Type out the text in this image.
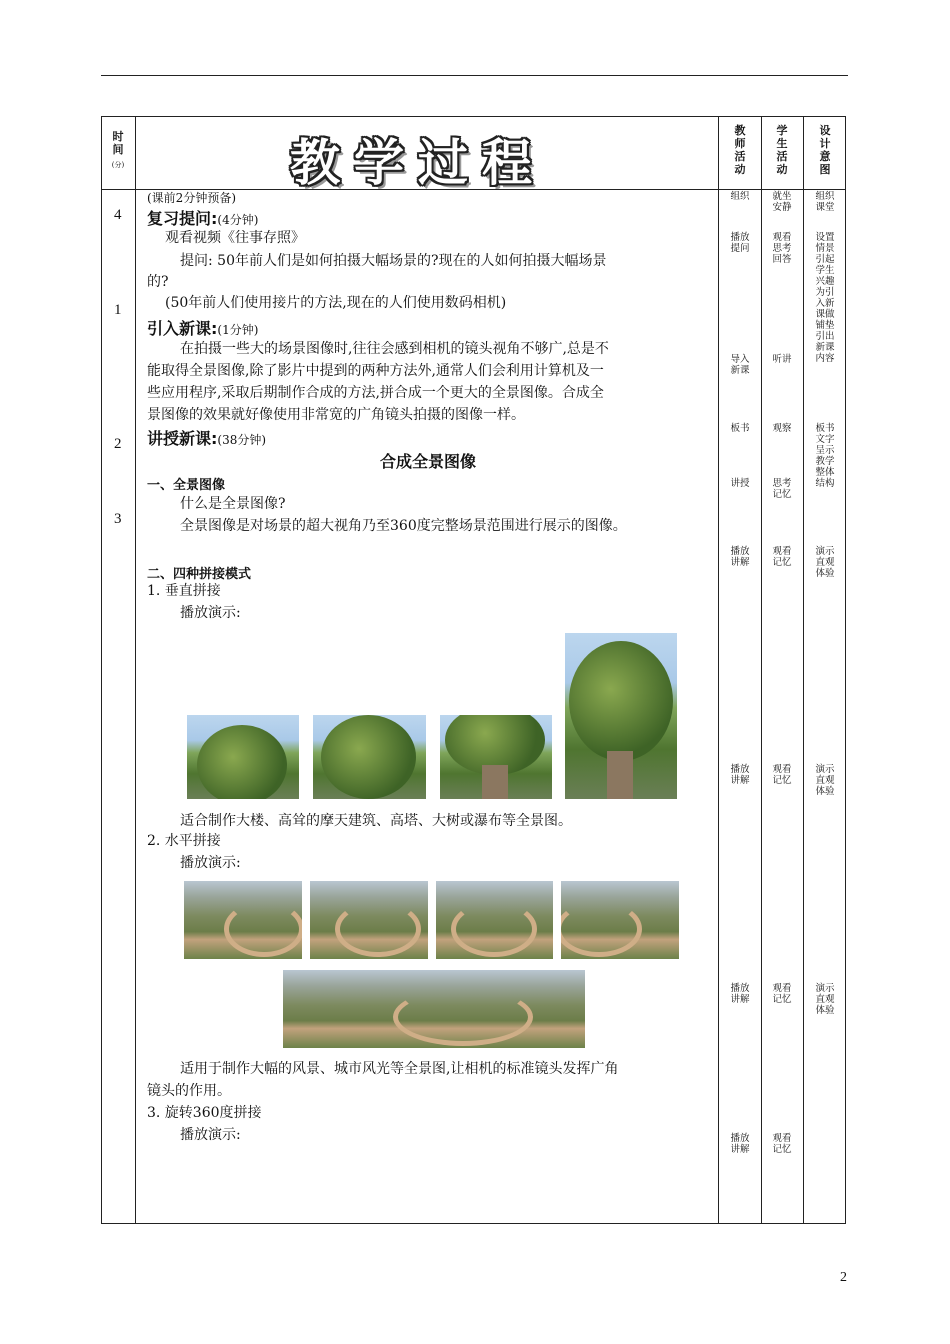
时间
(分)	教学过程
教师活动
学生活动
设计意图
4
1
2
3
(课前2分钟预备)
复习提问:(4分钟)
观看视频《往事存照》
提问: 50年前人们是如何拍摄大幅场景的?现在的人如何拍摄大幅场景
的?
(50年前人们使用接片的方法,现在的人们使用数码相机)
引入新课:(1分钟)
在拍摄一些大的场景图像时,往往会感到相机的镜头视角不够广,总是不
能取得全景图像,除了影片中提到的两种方法外,通常人们会利用计算机及一
些应用程序,采取后期制作合成的方法,拼合成一个更大的全景图像。合成全
景图像的效果就好像使用非常宽的广角镜头拍摄的图像一样。
讲授新课:(38分钟)
合成全景图像
一、全景图像
什么是全景图像?
全景图像是对场景的超大视角乃至360度完整场景范围进行展示的图像。
二、四种拼接模式
1. 垂直拼接
播放演示:
适合制作大楼、高耸的摩天建筑、高塔、大树或瀑布等全景图。
2. 水平拼接
播放演示:
适用于制作大幅的风景、城市风光等全景图,让相机的标准镜头发挥广角
镜头的作用。
3. 旋转360度拼接
播放演示:
组织
播放提问
导入新课
板书
讲授
播放讲解
播放讲解
播放讲解
播放讲解
就坐安静
观看思考回答
听讲
观察
思考记忆
观看记忆
观看记忆
观看记忆
观看记忆
组织课堂
设置情景引起学生兴趣为引入新课做铺垫引出新课内容
板书文字呈示教学整体结构
演示直观体验
演示直观体验
演示直观体验
2
